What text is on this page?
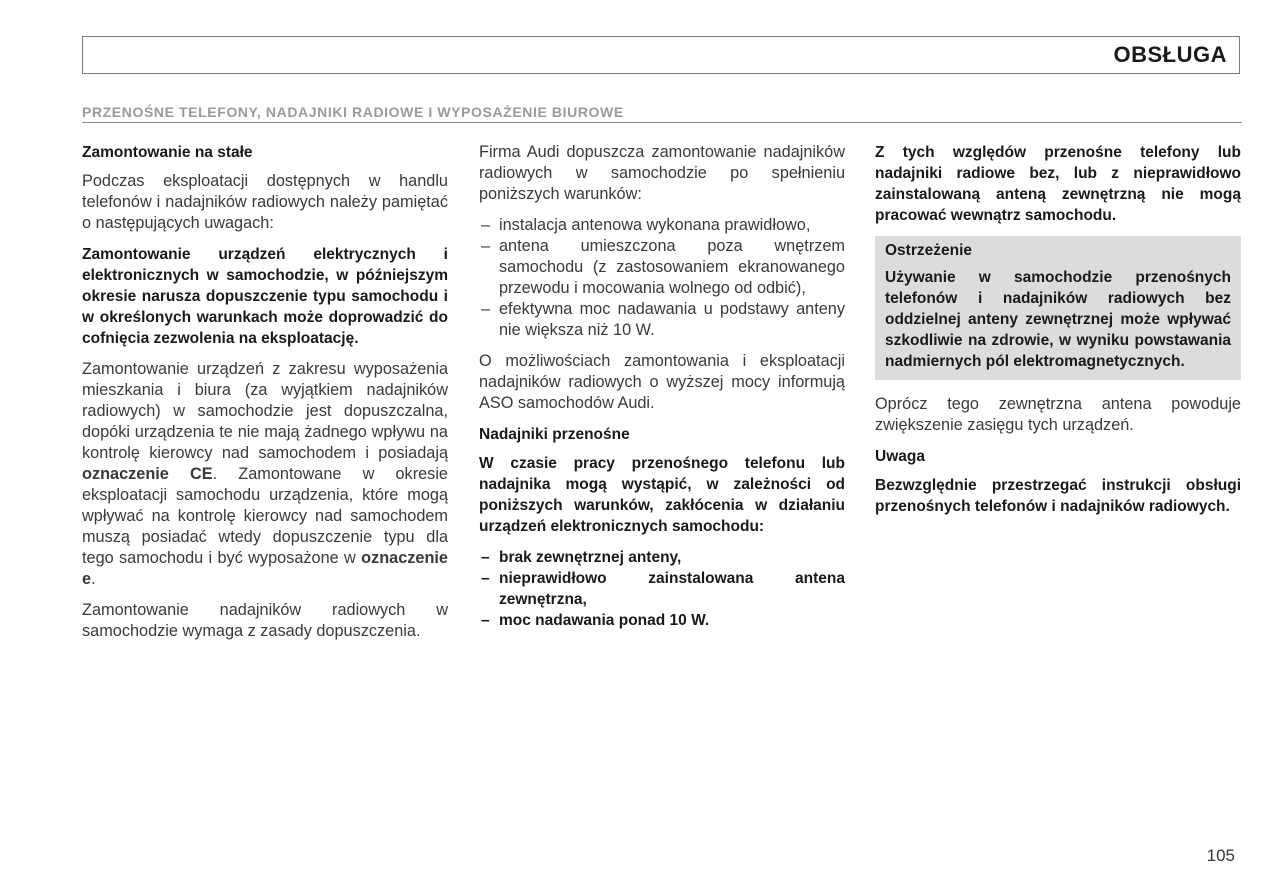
OBSŁUGA
PRZENOŚNE TELEFONY, NADAJNIKI RADIOWE I WYPOSAŻENIE BIUROWE
Zamontowanie na stałe

Podczas eksploatacji dostępnych w handlu telefonów i nadajników radiowych należy pamiętać o następujących uwagach:

Zamontowanie urządzeń elektrycznych i elektronicznych w samochodzie, w późniejszym okresie narusza dopuszczenie typu samochodu i w określonych warunkach może doprowadzić do cofnięcia zezwolenia na eksploatację.

Zamontowanie urządzeń z zakresu wyposażenia mieszkania i biura (za wyjątkiem nadajników radiowych) w samochodzie jest dopuszczalna, dopóki urządzenia te nie mają żadnego wpływu na kontrolę kierowcy nad samochodem i posiadają oznaczenie CE. Zamontowane w okresie eksploatacji samochodu urządzenia, które mogą wpływać na kontrolę kierowcy nad samochodem muszą posiadać wtedy dopuszczenie typu dla tego samochodu i być wyposażone w oznaczenie e.

Zamontowanie nadajników radiowych w samochodzie wymaga z zasady dopuszczenia.

Firma Audi dopuszcza zamontowanie nadajników radiowych w samochodzie po spełnieniu poniższych warunków:

– instalacja antenowa wykonana prawidłowo,
– antena umieszczona poza wnętrzem samochodu (z zastosowaniem ekranowanego przewodu i mocowania wolnego od odbić),
– efektywna moc nadawania u podstawy anteny nie większa niż 10 W.

O możliwościach zamontowania i eksploatacji nadajników radiowych o wyższej mocy informują ASO samochodów Audi.

Nadajniki przenośne

W czasie pracy przenośnego telefonu lub nadajnika mogą wystąpić, w zależności od poniższych warunków, zakłócenia w działaniu urządzeń elektronicznych samochodu:

– brak zewnętrznej anteny,
– nieprawidłowo zainstalowana antena zewnętrzna,
– moc nadawania ponad 10 W.

Z tych względów przenośne telefony lub nadajniki radiowe bez, lub z nieprawidłowo zainstalowaną anteną zewnętrzną nie mogą pracować wewnątrz samochodu.

Ostrzeżenie

Używanie w samochodzie przenośnych telefonów i nadajników radiowych bez oddzielnej anteny zewnętrznej może wpływać szkodliwie na zdrowie, w wyniku powstawania nadmiernych pól elektromagnetycznych.

Oprócz tego zewnętrzna antena powoduje zwiększenie zasięgu tych urządzeń.

Uwaga

Bezwzględnie przestrzegać instrukcji obsługi przenośnych telefonów i nadajników radiowych.

105
